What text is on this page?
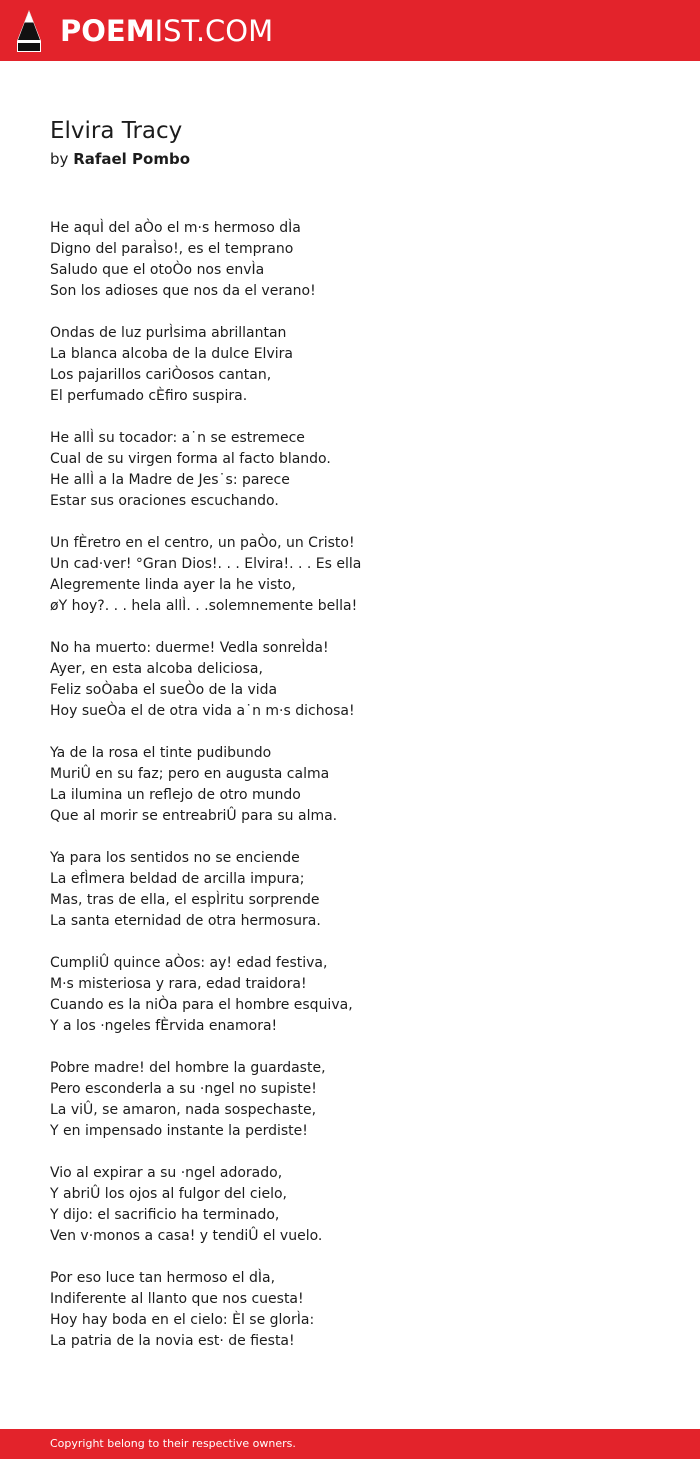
POEMIST.COM
Elvira Tracy
by Rafael Pombo
He aquÌ del aÒo el m·s hermoso dÌa
Digno del paraÌso!, es el temprano
Saludo que el otoÒo nos envÌa
Son los adioses que nos da el verano!
Ondas de luz purÌsima abrillantan
La blanca alcoba de la dulce Elvira
Los pajarillos cariÒosos cantan,
El perfumado cÈfiro suspira.
He allÌ su tocador: a˙n se estremece
Cual de su virgen forma al facto blando.
He allÌ a la Madre de Jes˙s: parece
Estar sus oraciones escuchando.
Un fÈretro en el centro, un paÒo, un Cristo!
Un cad·ver! °Gran Dios!. . . Elvira!. . . Es ella
Alegremente linda ayer la he visto,
øY hoy?. . . hela allÌ. . .solemnemente bella!
No ha muerto: duerme! Vedla sonreÌda!
Ayer, en esta alcoba deliciosa,
Feliz soÒaba el sueÒo de la vida
Hoy sueÒa el de otra vida a˙n m·s dichosa!
Ya de la rosa el tinte pudibundo
MuriÛ en su faz; pero en augusta calma
La ilumina un reflejo de otro mundo
Que al morir se entreabriÛ para su alma.
Ya para los sentidos no se enciende
La efÌmera beldad de arcilla impura;
Mas, tras de ella, el espÌritu sorprende
La santa eternidad de otra hermosura.
CumpliÛ quince aÒos: ay! edad festiva,
M·s misteriosa y rara, edad traidora!
Cuando es la niÒa para el hombre esquiva,
Y a los ·ngeles fÈrvida enamora!
Pobre madre! del hombre la guardaste,
Pero esconderla a su ·ngel no supiste!
La viÛ, se amaron, nada sospechaste,
Y en impensado instante la perdiste!
Vio al expirar a su ·ngel adorado,
Y abriÛ los ojos al fulgor del cielo,
Y dijo: el sacrificio ha terminado,
Ven v·monos a casa! y tendiÛ el vuelo.
Por eso luce tan hermoso el dÌa,
Indiferente al llanto que nos cuesta!
Hoy hay boda en el cielo: Èl se glorÌa:
La patria de la novia est· de fiesta!
Copyright belong to their respective owners.
